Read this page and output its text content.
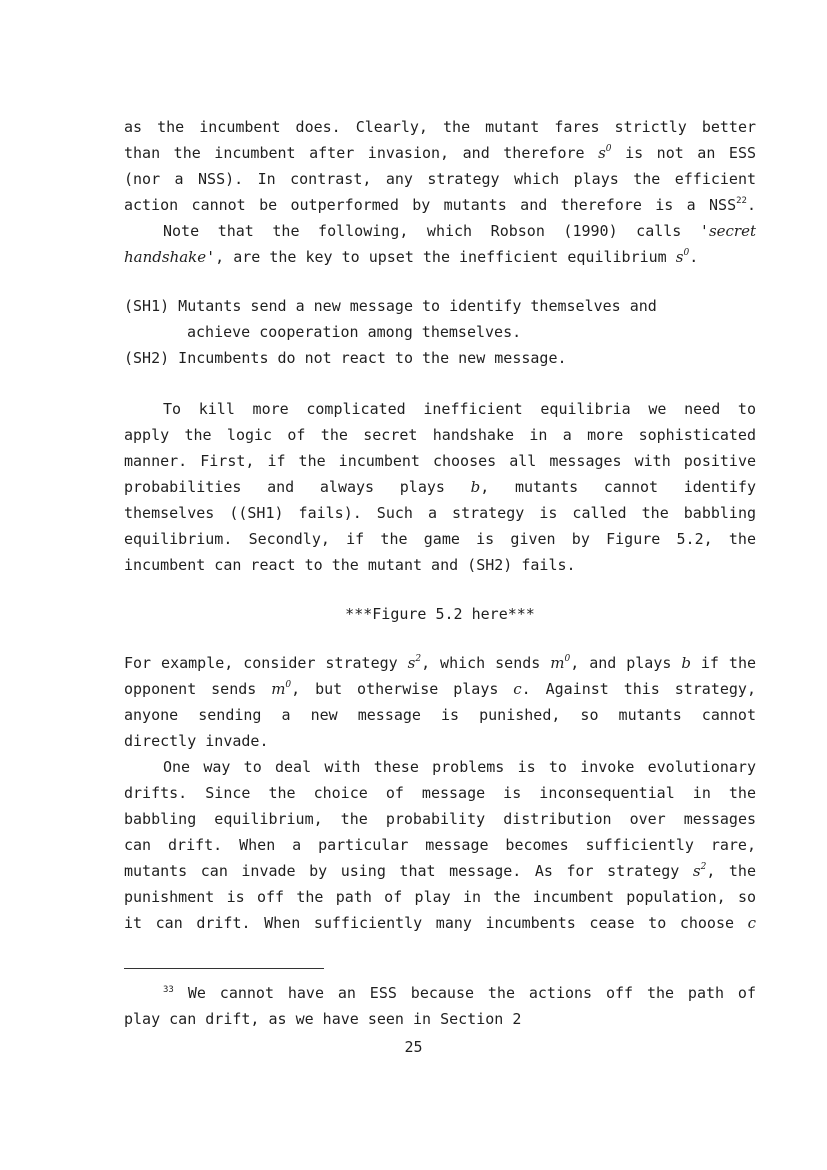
as the incumbent does. Clearly, the mutant fares strictly better
than the incumbent after invasion, and therefore $s^0$ is not an ESS
(nor a NSS). In contrast, any strategy which plays the efficient
action cannot be outperformed by mutants and therefore is a NSS$^{22}$.
Note that the following, which Robson (1990) calls 'secret
handshake', are the key to upset the inefficient equilibrium $s^0$.
(SH1) Mutants send a new message to identify themselves and
achieve cooperation among themselves.
(SH2) Incumbents do not react to the new message.
To kill more complicated inefficient equilibria we need to
apply the logic of the secret handshake in a more sophisticated
manner. First, if the incumbent chooses all messages with positive
probabilities and always plays b, mutants cannot identify
themselves ((SH1) fails). Such a strategy is called the babbling
equilibrium. Secondly, if the game is given by Figure 5.2, the
incumbent can react to the mutant and (SH2) fails.
***Figure 5.2 here***
For example, consider strategy $s^2$, which sends $m^0$, and plays b if the
opponent sends $m^0$, but otherwise plays c. Against this strategy,
anyone sending a new message is punished, so mutants cannot
directly invade.
One way to deal with these problems is to invoke evolutionary
drifts. Since the choice of message is inconsequential in the
babbling equilibrium, the probability distribution over messages
can drift. When a particular message becomes sufficiently rare,
mutants can invade by using that message. As for strategy $s^2$, the
punishment is off the path of play in the incumbent population, so
it can drift. When sufficiently many incumbents cease to choose c
$^{33}$ We cannot have an ESS because the actions off the path of
play can drift, as we have seen in Section 2
25
